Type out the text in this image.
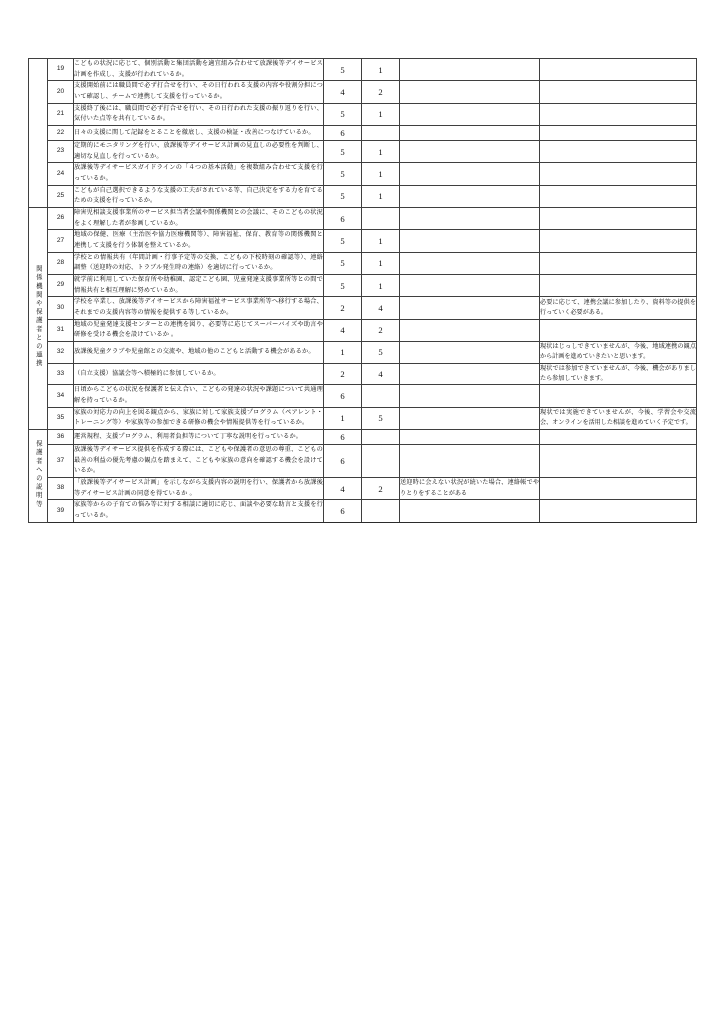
	19	こどもの状況に応じて、個別活動と集団活動を適宜組み合わせて放課後等デイサービス計画を作成し、支援が行われているか。	5	1		
	20	支援開始前には職員間で必ず打合せを行い、その日行われる支援の内容や役割分担について確認し、チームで連携して支援を行っているか。	4	2		
	21	支援終了後には、職員間で必ず打合せを行い、その日行われた支援の振り返りを行い、気付いた点等を共有しているか。	5	1		
	22	日々の支援に関して記録をとることを徹底し、支援の検証・改善につなげているか。	6			
	23	定期的にモニタリングを行い、放課後等デイサービス計画の見直しの必要性を判断し、適切な見直しを行っているか。	5	1		
	24	放課後等デイサービスガイドラインの「４つの基本活動」を複数組み合わせて支援を行っているか。	5	1		
	25	こどもが自己選択できるような支援の工夫がされている等、自己決定をする力を育てるための支援を行っているか。	5	1		
関係機関や保護者との連携	26	障害児相談支援事業所のサービス担当者会議や関係機関との会議に、そのこどもの状況をよく理解した者が参画しているか。	6			
	27	地域の保健、医療（主治医や協力医療機関等）、障害福祉、保育、教育等の関係機関と連携して支援を行う体制を整えているか。	5	1		
	28	学校との情報共有（年間計画・行事予定等の交換、こどもの下校時刻の確認等）、連絡調整（送迎時の対応、トラブル発生時の連絡）を適切に行っているか。	5	1		
	29	就学前に利用していた保育所や幼稚園、認定こども園、児童発達支援事業所等との間で情報共有と相互理解に努めているか。	5	1		
	30	学校を卒業し、放課後等デイサービスから障害福祉サービス事業所等へ移行する場合、それまでの支援内容等の情報を提供する等しているか。	2	4		必要に応じて、連携会議に参加したり、資料等の提供を行っていく必要がある。
	31	地域の児童発達支援センターとの連携を図り、必要等に応じてスーパーバイズや助言や研修を受ける機会を設けているか 。	4	2		
	32	放課後児童クラブや児童館との交流や、地域の他のこどもと活動する機会があるか。	1	5		現状はじっしできていませんが、今後、地域連携の観点から計画を進めていきたいと思います。
	33	（自立支援）協議会等へ積極的に参加しているか。	2	4		現状では参加できていませんが、今後、機会がありましたら参加していきます。
	34	日頃からこどもの状況を保護者と伝え合い、こどもの発達の状況や課題について共通理解を持っているか。	6			
	35	家族の対応力の向上を図る観点から、家族に対して家族支援プログラム（ペアレント・トレーニング等）や家族等の参加できる研修の機会や情報提供等を行っているか。	1	5		現状では実施できていませんが、今後、学習会や交流会、オンラインを活用した相談を進めていく予定です。
保護者への説明等	36	運営規程、支援プログラム、利用者負担等について丁寧な説明を行っているか。	6			
	37	放課後等デイサービス提供を作成する際には、こどもや保護者の意思の尊重、こどもの最善の利益の優先考慮の観点を踏まえて、こどもや家族の意向を確認する機会を設けているか。	6			
	38	「放課後等デイサービス計画」を示しながら支援内容の説明を行い、保護者から放課後等デイサービス計画の同意を得ているか 。	4	2	送迎時に会えない状況が続いた場合、連絡帳でやりとりをすることがある	
	39	家族等からの子育ての悩み等に対する相談に適切に応じ、面談や必要な助言と支援を行っているか。	6			
